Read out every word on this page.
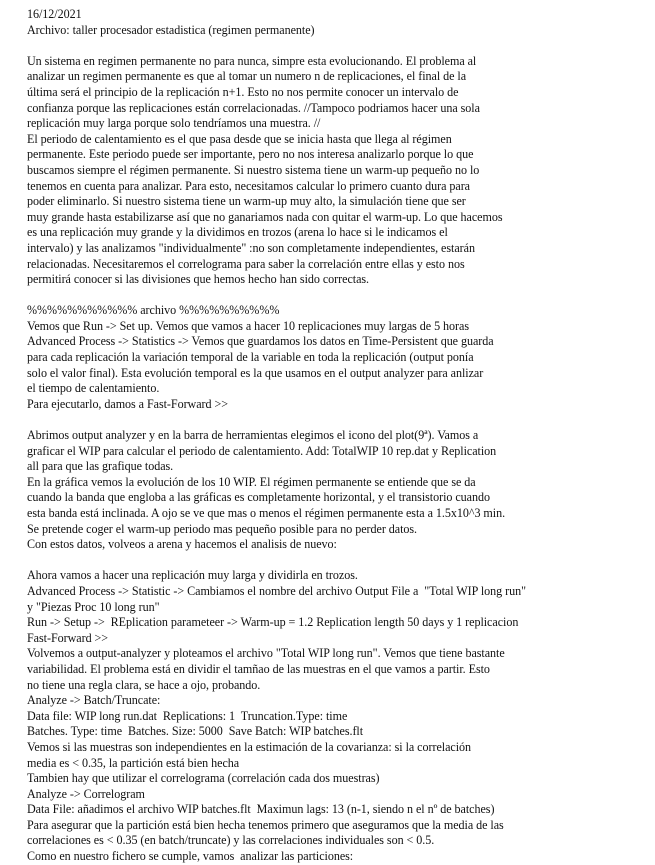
16/12/2021
Archivo: taller procesador estadistica (regimen permanente)
Un sistema en regimen permanente no para nunca, simpre esta evolucionando. El problema al
analizar un regimen permanente es que al tomar un numero n de replicaciones, el final de la
última será el principio de la replicación n+1. Esto no nos permite conocer un intervalo de
confianza porque las replicaciones están correlacionadas. //Tampoco podriamos hacer una sola
replicación muy larga porque solo tendríamos una muestra. //
El periodo de calentamiento es el que pasa desde que se inicia hasta que llega al régimen
permanente. Este periodo puede ser importante, pero no nos interesa analizarlo porque lo que
buscamos siempre el régimen permanente. Si nuestro sistema tiene un warm-up pequeño no lo
tenemos en cuenta para analizar. Para esto, necesitamos calcular lo primero cuanto dura para
poder eliminarlo. Si nuestro sistema tiene un warm-up muy alto, la simulación tiene que ser
muy grande hasta estabilizarse así que no ganariamos nada con quitar el warm-up. Lo que hacemos
es una replicación muy grande y la dividimos en trozos (arena lo hace si le indicamos el
intervalo) y las analizamos "individualmente" :no son completamente independientes, estarán
relacionadas. Necesitaremos el correlograma para saber la correlación entre ellas y esto nos
permitirá conocer si las divisiones que hemos hecho han sido correctas.
%%%%%%%%%%% archivo %%%%%%%%%%
Vemos que Run -> Set up. Vemos que vamos a hacer 10 replicaciones muy largas de 5 horas
Advanced Process -> Statistics -> Vemos que guardamos los datos en Time-Persistent que guarda
para cada replicación la variación temporal de la variable en toda la replicación (output ponía
solo el valor final). Esta evolución temporal es la que usamos en el output analyzer para anlizar
el tiempo de calentamiento.
Para ejecutarlo, damos a Fast-Forward >>
Abrimos output analyzer y en la barra de herramientas elegimos el icono del plot(9ª). Vamos a
graficar el WIP para calcular el periodo de calentamiento. Add: TotalWIP 10 rep.dat y Replication
all para que las grafique todas.
En la gráfica vemos la evolución de los 10 WIP. El régimen permanente se entiende que se da
cuando la banda que engloba a las gráficas es completamente horizontal, y el transistorio cuando
esta banda está inclinada. A ojo se ve que mas o menos el régimen permanente esta a 1.5x10^3 min.
Se pretende coger el warm-up periodo mas pequeño posible para no perder datos.
Con estos datos, volveos a arena y hacemos el analisis de nuevo:
Ahora vamos a hacer una replicación muy larga y dividirla en trozos.
Advanced Process -> Statistic -> Cambiamos el nombre del archivo Output File a  "Total WIP long run"
y "Piezas Proc 10 long run"
Run -> Setup ->  REplication parameteer -> Warm-up = 1.2 Replication length 50 days y 1 replicacion
Fast-Forward >>
Volvemos a output-analyzer y ploteamos el archivo "Total WIP long run". Vemos que tiene bastante
variabilidad. El problema está en dividir el tamñao de las muestras en el que vamos a partir. Esto
no tiene una regla clara, se hace a ojo, probando.
Analyze -> Batch/Truncate:
Data file: WIP long run.dat  Replications: 1  Truncation.Type: time
Batches. Type: time  Batches. Size: 5000  Save Batch: WIP batches.flt
Vemos si las muestras son independientes en la estimación de la covarianza: si la correlación
media es < 0.35, la partición está bien hecha
Tambien hay que utilizar el correlograma (correlación cada dos muestras)
Analyze -> Correlogram
Data File: añadimos el archivo WIP batches.flt  Maximun lags: 13 (n-1, siendo n el nº de batches)
Para asegurar que la partición está bien hecha tenemos primero que aseguramos que la media de las
correlaciones es < 0.35 (en batch/truncate) y las correlaciones individuales son < 0.5.
Como en nuestro fichero se cumple, vamos  analizar las particiones:
